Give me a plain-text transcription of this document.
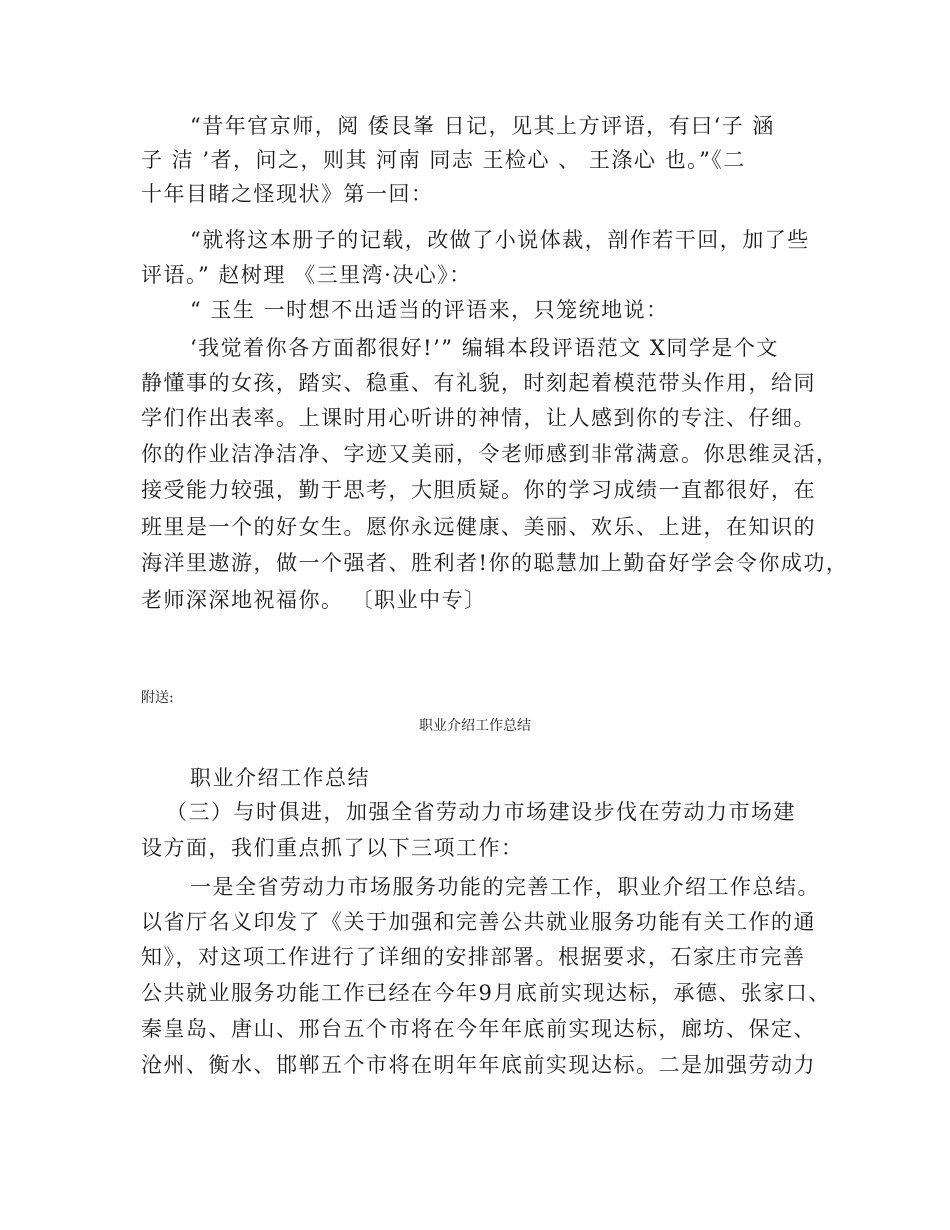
“昔年官京师，阅 倭艮峯 日记，见其上方评语，有曰‘子 涵
子 洁 ’者，问之，则其 河南 同志 王检心 、 王涤心 也。”《二
十年目睹之怪现状》第一回：
“就将这本册子的记载，改做了小说体裁，剖作若干回，加了些
评语。” 赵树理 《三里湾·决心》：
“ 玉生 一时想不出适当的评语来，只笼统地说：
‘我觉着你各方面都很好!’” 编辑本段评语范文 X同学是个文
静懂事的女孩，踏实、稳重、有礼貌，时刻起着模范带头作用，给同
学们作出表率。上课时用心听讲的神情，让人感到你的专注、仔细。
你的作业洁净洁净、字迹又美丽，令老师感到非常满意。你思维灵活，
接受能力较强，勤于思考，大胆质疑。你的学习成绩一直都很好，在
班里是一个的好女生。愿你永远健康、美丽、欢乐、上进，在知识的
海洋里遨游，做一个强者、胜利者!你的聪慧加上勤奋好学会令你成功，
老师深深地祝福你。 〔职业中专〕
附送:
职业介绍工作总结
职业介绍工作总结
（三）与时俱进，加强全省劳动力市场建设步伐在劳动力市场建
设方面，我们重点抓了以下三项工作：
一是全省劳动力市场服务功能的完善工作，职业介绍工作总结。
以省厅名义印发了《关于加强和完善公共就业服务功能有关工作的通
知》，对这项工作进行了详细的安排部署。根据要求，石家庄市完善
公共就业服务功能工作已经在今年9月底前实现达标，承德、张家口、
秦皇岛、唐山、邢台五个市将在今年年底前实现达标，廊坊、保定、
沧州、衡水、邯郸五个市将在明年年底前实现达标。二是加强劳动力
